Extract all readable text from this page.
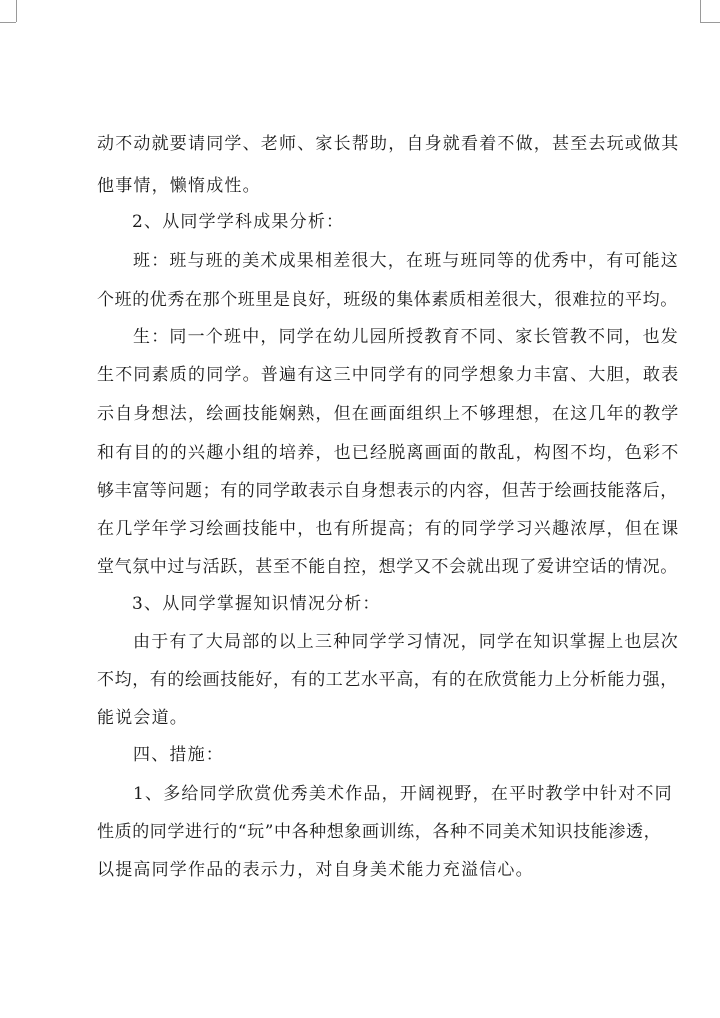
动不动就要请同学、老师、家长帮助，自身就看着不做，甚至去玩或做其
他事情，懒惰成性。
2、从同学学科成果分析：
班：班与班的美术成果相差很大，在班与班同等的优秀中，有可能这
个班的优秀在那个班里是良好，班级的集体素质相差很大，很难拉的平均。
生：同一个班中，同学在幼儿园所授教育不同、家长管教不同，也发
生不同素质的同学。普遍有这三中同学有的同学想象力丰富、大胆，敢表
示自身想法，绘画技能娴熟，但在画面组织上不够理想，在这几年的教学
和有目的的兴趣小组的培养，也已经脱离画面的散乱，构图不均，色彩不
够丰富等问题；有的同学敢表示自身想表示的内容，但苦于绘画技能落后，
在几学年学习绘画技能中，也有所提高；有的同学学习兴趣浓厚，但在课
堂气氛中过与活跃，甚至不能自控，想学又不会就出现了爱讲空话的情况。
3、从同学掌握知识情况分析：
由于有了大局部的以上三种同学学习情况，同学在知识掌握上也层次
不均，有的绘画技能好，有的工艺水平高，有的在欣赏能力上分析能力强，
能说会道。
四、措施：
1、多给同学欣赏优秀美术作品，开阔视野，在平时教学中针对不同
性质的同学进行的“玩”中各种想象画训练，各种不同美术知识技能渗透，
以提高同学作品的表示力，对自身美术能力充溢信心。
